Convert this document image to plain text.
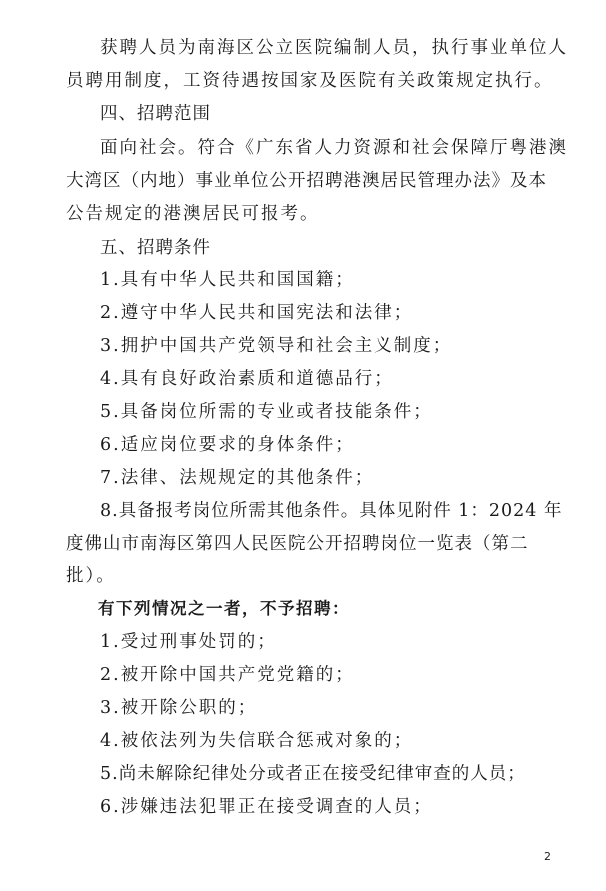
获聘人员为南海区公立医院编制人员，执行事业单位人
员聘用制度，工资待遇按国家及医院有关政策规定执行。
四、招聘范围
面向社会。符合《广东省人力资源和社会保障厅粤港澳
大湾区（内地）事业单位公开招聘港澳居民管理办法》及本
公告规定的港澳居民可报考。
五、招聘条件
1.具有中华人民共和国国籍；
2.遵守中华人民共和国宪法和法律；
3.拥护中国共产党领导和社会主义制度；
4.具有良好政治素质和道德品行；
5.具备岗位所需的专业或者技能条件；
6.适应岗位要求的身体条件；
7.法律、法规规定的其他条件；
8.具备报考岗位所需其他条件。具体见附件 1：2024 年
度佛山市南海区第四人民医院公开招聘岗位一览表（第二
批）。
有下列情况之一者，不予招聘：
1.受过刑事处罚的；
2.被开除中国共产党党籍的；
3.被开除公职的；
4.被依法列为失信联合惩戒对象的；
5.尚未解除纪律处分或者正在接受纪律审查的人员；
6.涉嫌违法犯罪正在接受调查的人员；
2
